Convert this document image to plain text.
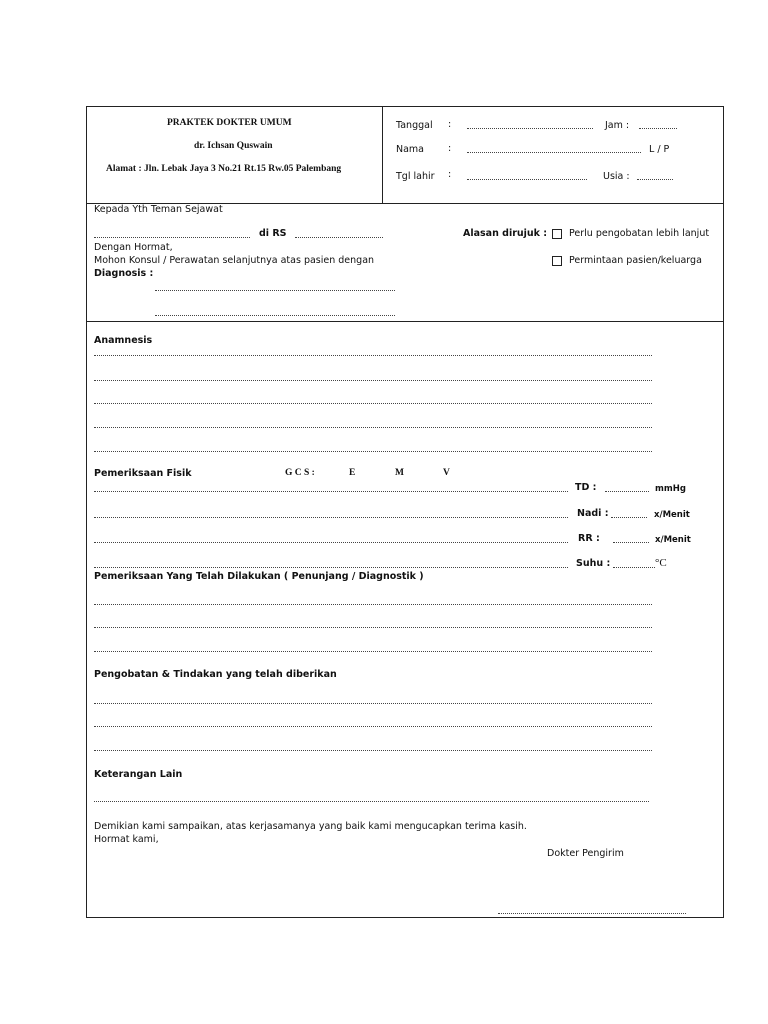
PRAKTEK DOKTER UMUM
dr. Ichsan Quswain
Alamat : Jln. Lebak Jaya 3 No.21 Rt.15 Rw.05 Palembang
Tanggal :	Jam :
Nama	:	L / P
Tgl lahir :	Usia :
Kepada Yth Teman Sejawat
di RS
Dengan Hormat,
Mohon Konsul / Perawatan selanjutnya atas pasien dengan
Diagnosis :
Alasan dirujuk : Perlu pengobatan lebih lanjut
Permintaan pasien/keluarga
Anamnesis
Pemeriksaan Fisik	G C S :	E	M	V
TD :	mmHg
Nadi :	x/Menit
RR :	x/Menit
Suhu :	°C
Pemeriksaan Yang Telah Dilakukan ( Penunjang / Diagnostik )
Pengobatan & Tindakan yang telah diberikan
Keterangan Lain
Demikian kami sampaikan, atas kerjasamanya yang baik kami mengucapkan terima kasih.
Hormat kami,
Dokter Pengirim
